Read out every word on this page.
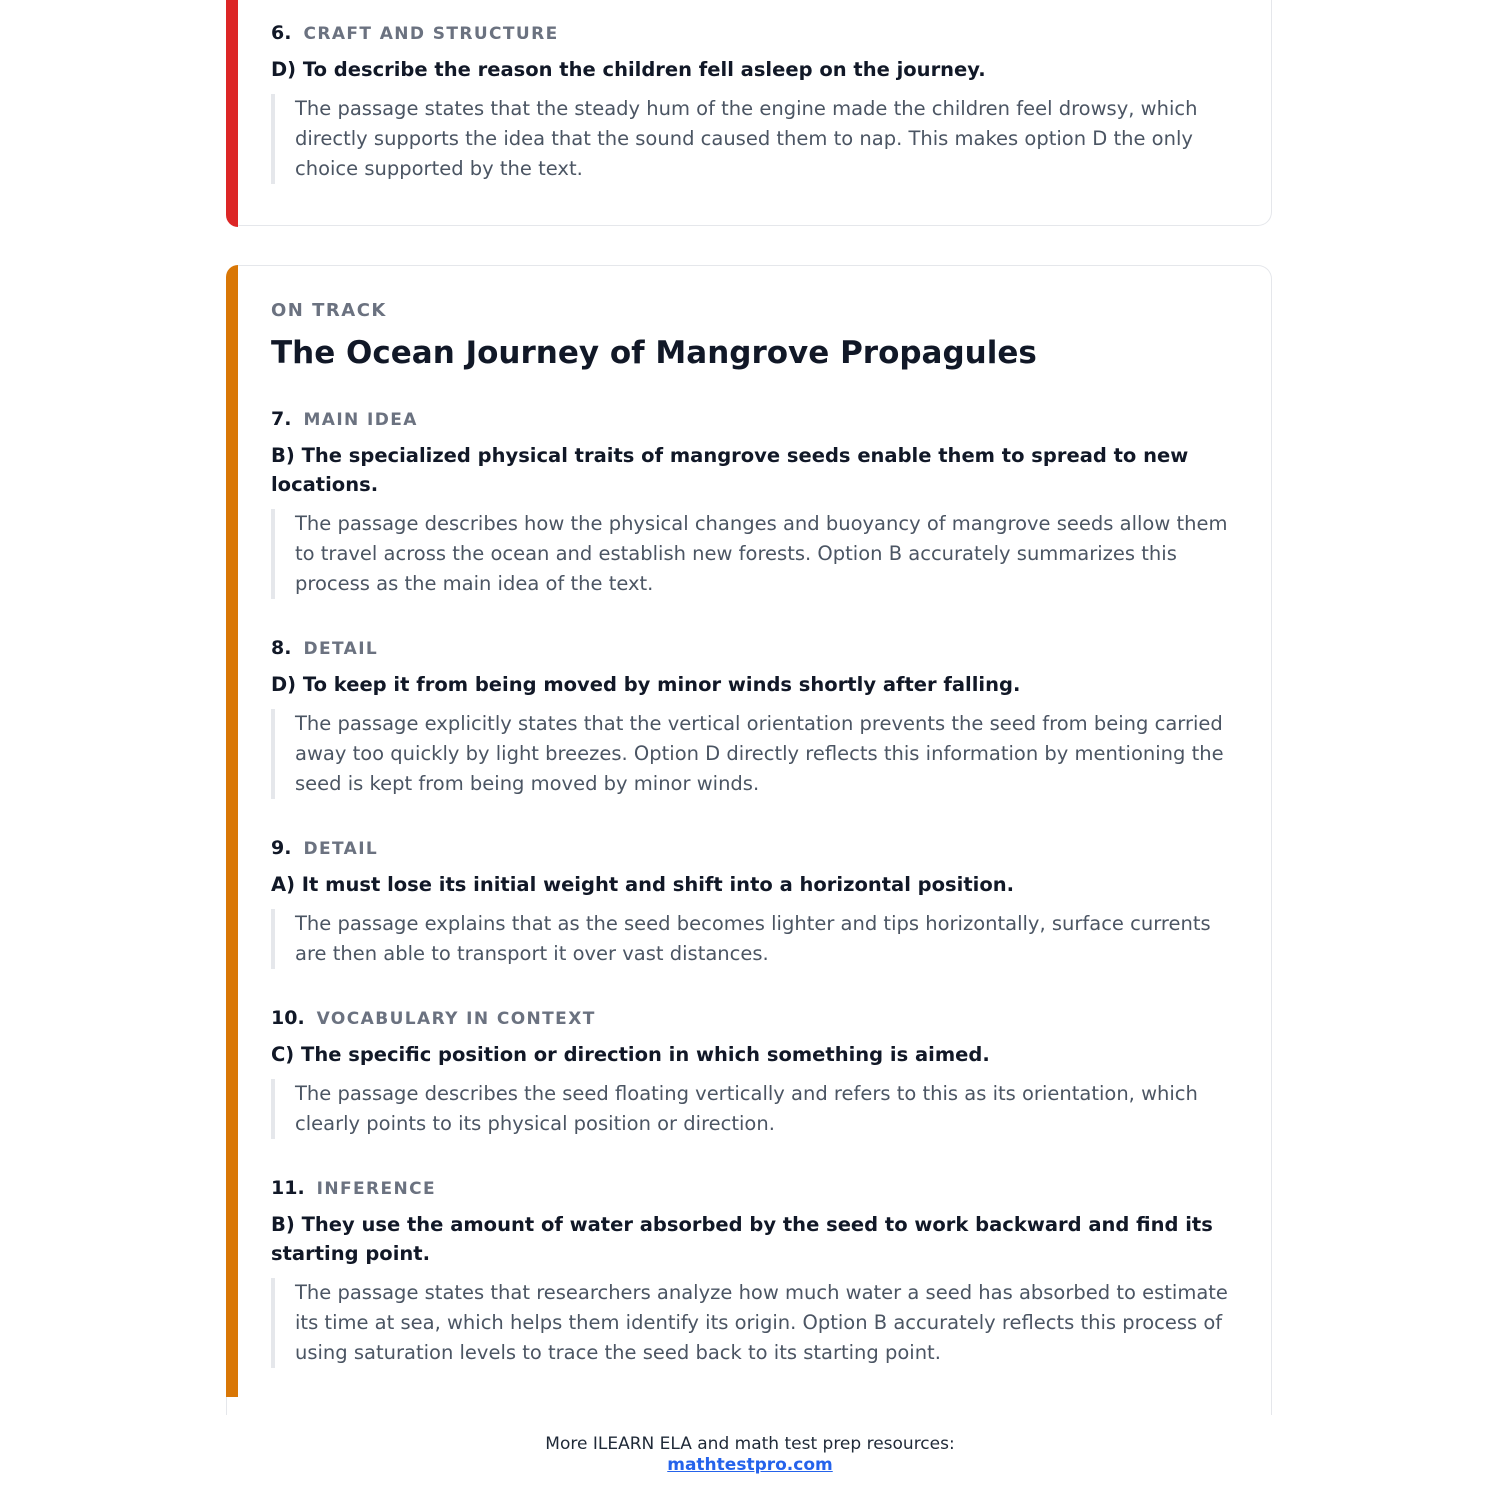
6. CRAFT AND STRUCTURE

D) To describe the reason the children fell asleep on the journey.

The passage states that the steady hum of the engine made the children feel drowsy, which directly supports the idea that the sound caused them to nap. This makes option D the only choice supported by the text.

ON TRACK
The Ocean Journey of Mangrove Propagules
7. MAIN IDEA

B) The specialized physical traits of mangrove seeds enable them to spread to new locations.

The passage describes how the physical changes and buoyancy of mangrove seeds allow them to travel across the ocean and establish new forests. Option B accurately summarizes this process as the main idea of the text.

8. DETAIL

D) To keep it from being moved by minor winds shortly after falling.

The passage explicitly states that the vertical orientation prevents the seed from being carried away too quickly by light breezes. Option D directly reflects this information by mentioning the seed is kept from being moved by minor winds.

9. DETAIL

A) It must lose its initial weight and shift into a horizontal position.

The passage explains that as the seed becomes lighter and tips horizontally, surface currents are then able to transport it over vast distances.

10. VOCABULARY IN CONTEXT

C) The specific position or direction in which something is aimed.

The passage describes the seed floating vertically and refers to this as its orientation, which clearly points to its physical position or direction.

11. INFERENCE

B) They use the amount of water absorbed by the seed to work backward and find its starting point.

The passage states that researchers analyze how much water a seed has absorbed to estimate its time at sea, which helps them identify its origin. Option B accurately reflects this process of using saturation levels to trace the seed back to its starting point.

More ILEARN ELA and math test prep resources:
mathtestpro.com
